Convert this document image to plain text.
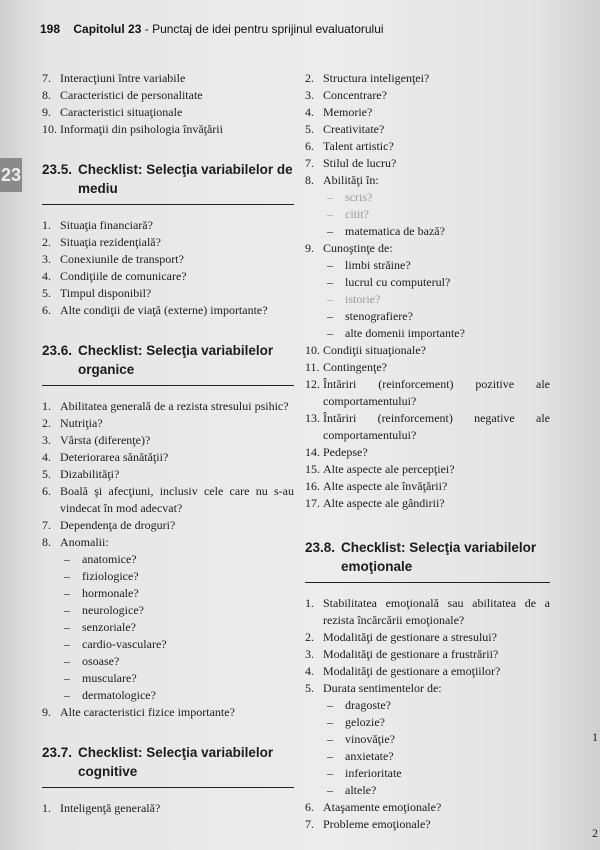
198 Capitolul 23 - Punctaj de idei pentru sprijinul evaluatorului
23
7. Interacţiuni între variabile
8. Caracteristici de personalitate
9. Caracteristici situaţionale
10. Informaţii din psihologia învăţării
23.5. Checklist: Selecţia variabilelor de
mediu
1. Situaţia financiară?
2. Situaţia rezidenţială?
3. Conexiunile de transport?
4. Condiţiile de comunicare?
5. Timpul disponibil?
6. Alte condiţii de viaţă (externe) importante?
23.6. Checklist: Selecţia variabilelor
organice
1. Abilitatea generală de a rezista stresului psihic?
2. Nutriţia?
3. Vârsta (diferenţe)?
4. Deteriorarea sănătăţii?
5. Dizabilităţi?
6. Boală şi afecţiuni, inclusiv cele care nu s-au vindecat în mod adecvat?
7. Dependenţa de droguri?
8. Anomalii:
–	anatomice?
–	fiziologice?
–	hormonale?
–	neurologice?
–	senzoriale?
–	cardio-vasculare?
–	osoase?
–	musculare?
–	dermatologice?
9. Alte caracteristici fizice importante?
23.7. Checklist: Selecţia variabilelor
cognitive
1. Inteligenţă generală?
2. Structura inteligenţei?
3. Concentrare?
4. Memorie?
5. Creativitate?
6. Talent artistic?
7. Stilul de lucru?
8. Abilităţi în:
–	scris?
–	citit?
–	matematica de bază?
9. Cunoştinţe de:
–	limbi străine?
–	lucrul cu computerul?
–	istorie?
–	stenografiere?
–	alte domenii importante?
10. Condiţii situaţionale?
11. Contingenţe?
12. Întăriri (reinforcement) pozitive ale comportamentului?
13. Întăriri (reinforcement) negative ale comportamentului?
14. Pedepse?
15. Alte aspecte ale percepţiei?
16. Alte aspecte ale învăţării?
17. Alte aspecte ale gândirii?
23.8. Checklist: Selecţia variabilelor
emoţionale
1. Stabilitatea emoţională sau abilitatea de a rezista încărcării emoţionale?
2. Modalităţi de gestionare a stresului?
3. Modalităţi de gestionare a frustrării?
4. Modalităţi de gestionare a emoţiilor?
5. Durata sentimentelor de:
–	dragoste?
–	gelozie?
–	vinovăţie?
–	anxietate?
–	inferioritate
–	altele?
6. Ataşamente emoţionale?
7. Probleme emoţionale?
1
2
